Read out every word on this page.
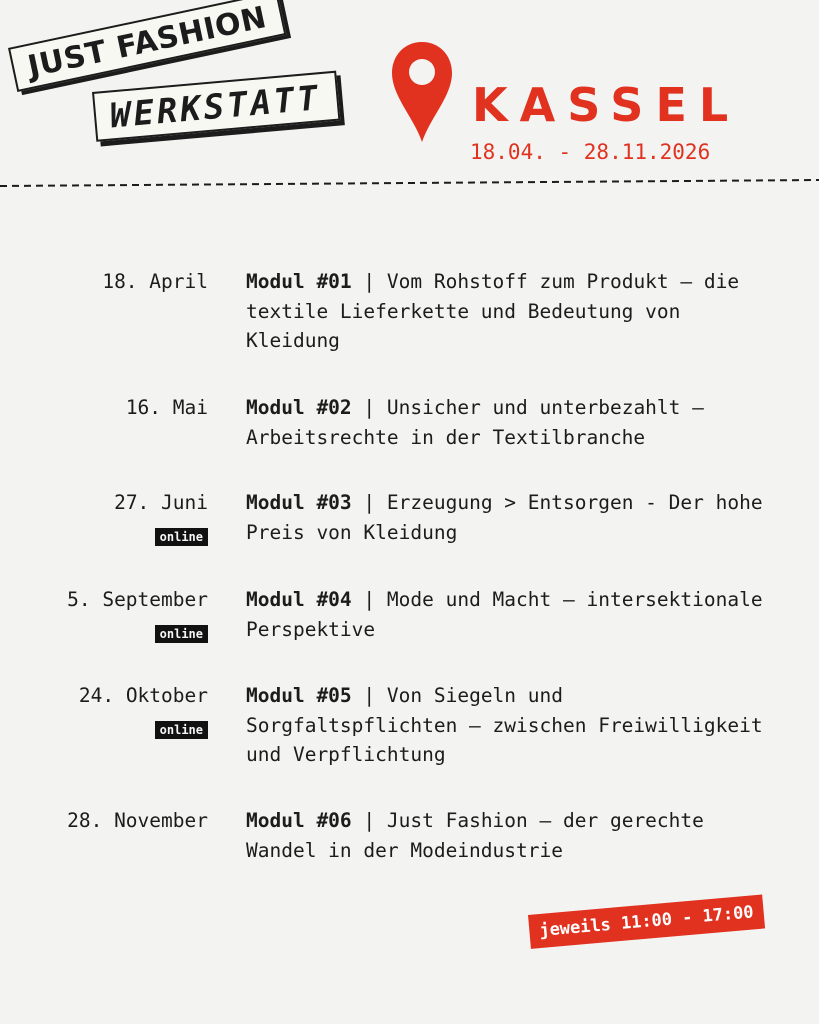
JUST FASHION
WERKSTATT	KASSEL
18.04. - 28.11.2026
18. April Modul #01 | Vom Rohstoff zum Produkt – die textile Lieferkette und Bedeutung von Kleidung
16. Mai Modul #02 | Unsicher und unterbezahlt – Arbeitsrechte in der Textilbranche
27. Juni
online
Modul #03 | Erzeugung > Entsorgen - Der hohe Preis von Kleidung
5. September
online
Modul #04 | Mode und Macht – intersektionale Perspektive
24. Oktober
online
Modul #05 | Von Siegeln und Sorgfaltspflichten – zwischen Freiwilligkeit und Verpflichtung
28. November Modul #06 | Just Fashion – der gerechte Wandel in der Modeindustrie
jeweils 11:00 - 17:00
